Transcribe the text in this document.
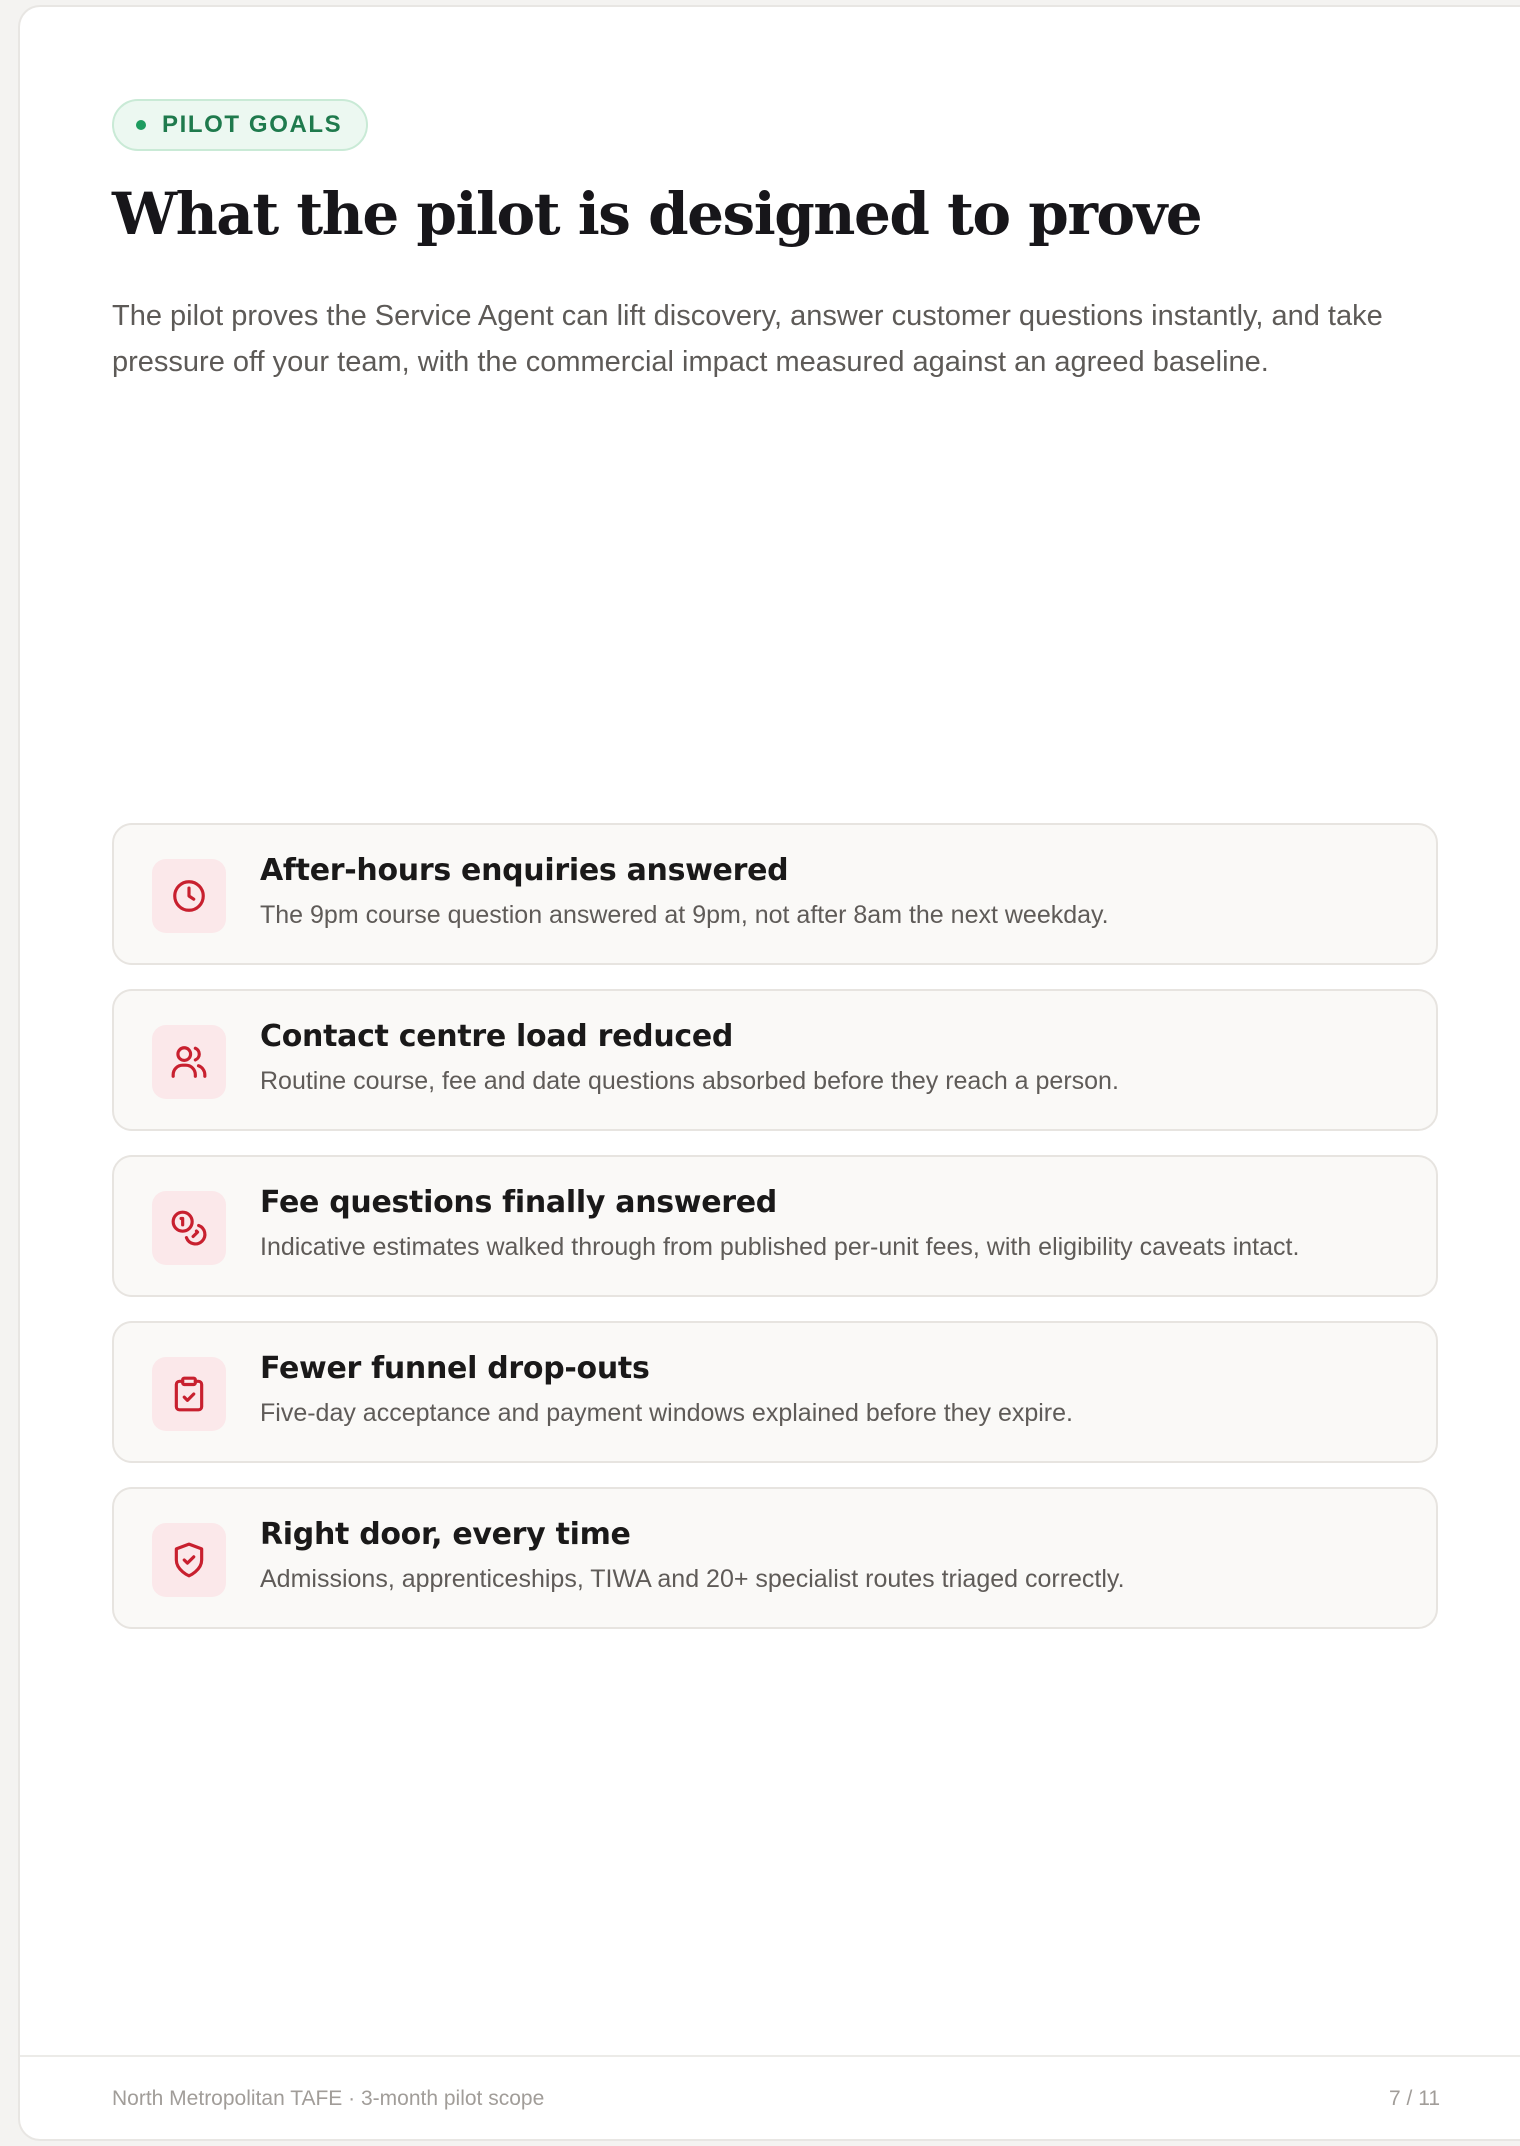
PILOT GOALS
What the pilot is designed to prove

The pilot proves the Service Agent can lift discovery, answer customer questions instantly, and take pressure off your team, with the commercial impact measured against an agreed baseline.

After-hours enquiries answered
The 9pm course question answered at 9pm, not after 8am the next weekday.
Contact centre load reduced
Routine course, fee and date questions absorbed before they reach a person.
Fee questions finally answered
Indicative estimates walked through from published per-unit fees, with eligibility caveats intact.
Fewer funnel drop-outs
Five-day acceptance and payment windows explained before they expire.
Right door, every time
Admissions, apprenticeships, TIWA and 20+ specialist routes triaged correctly.
North Metropolitan TAFE · 3-month pilot scope	7 / 11
